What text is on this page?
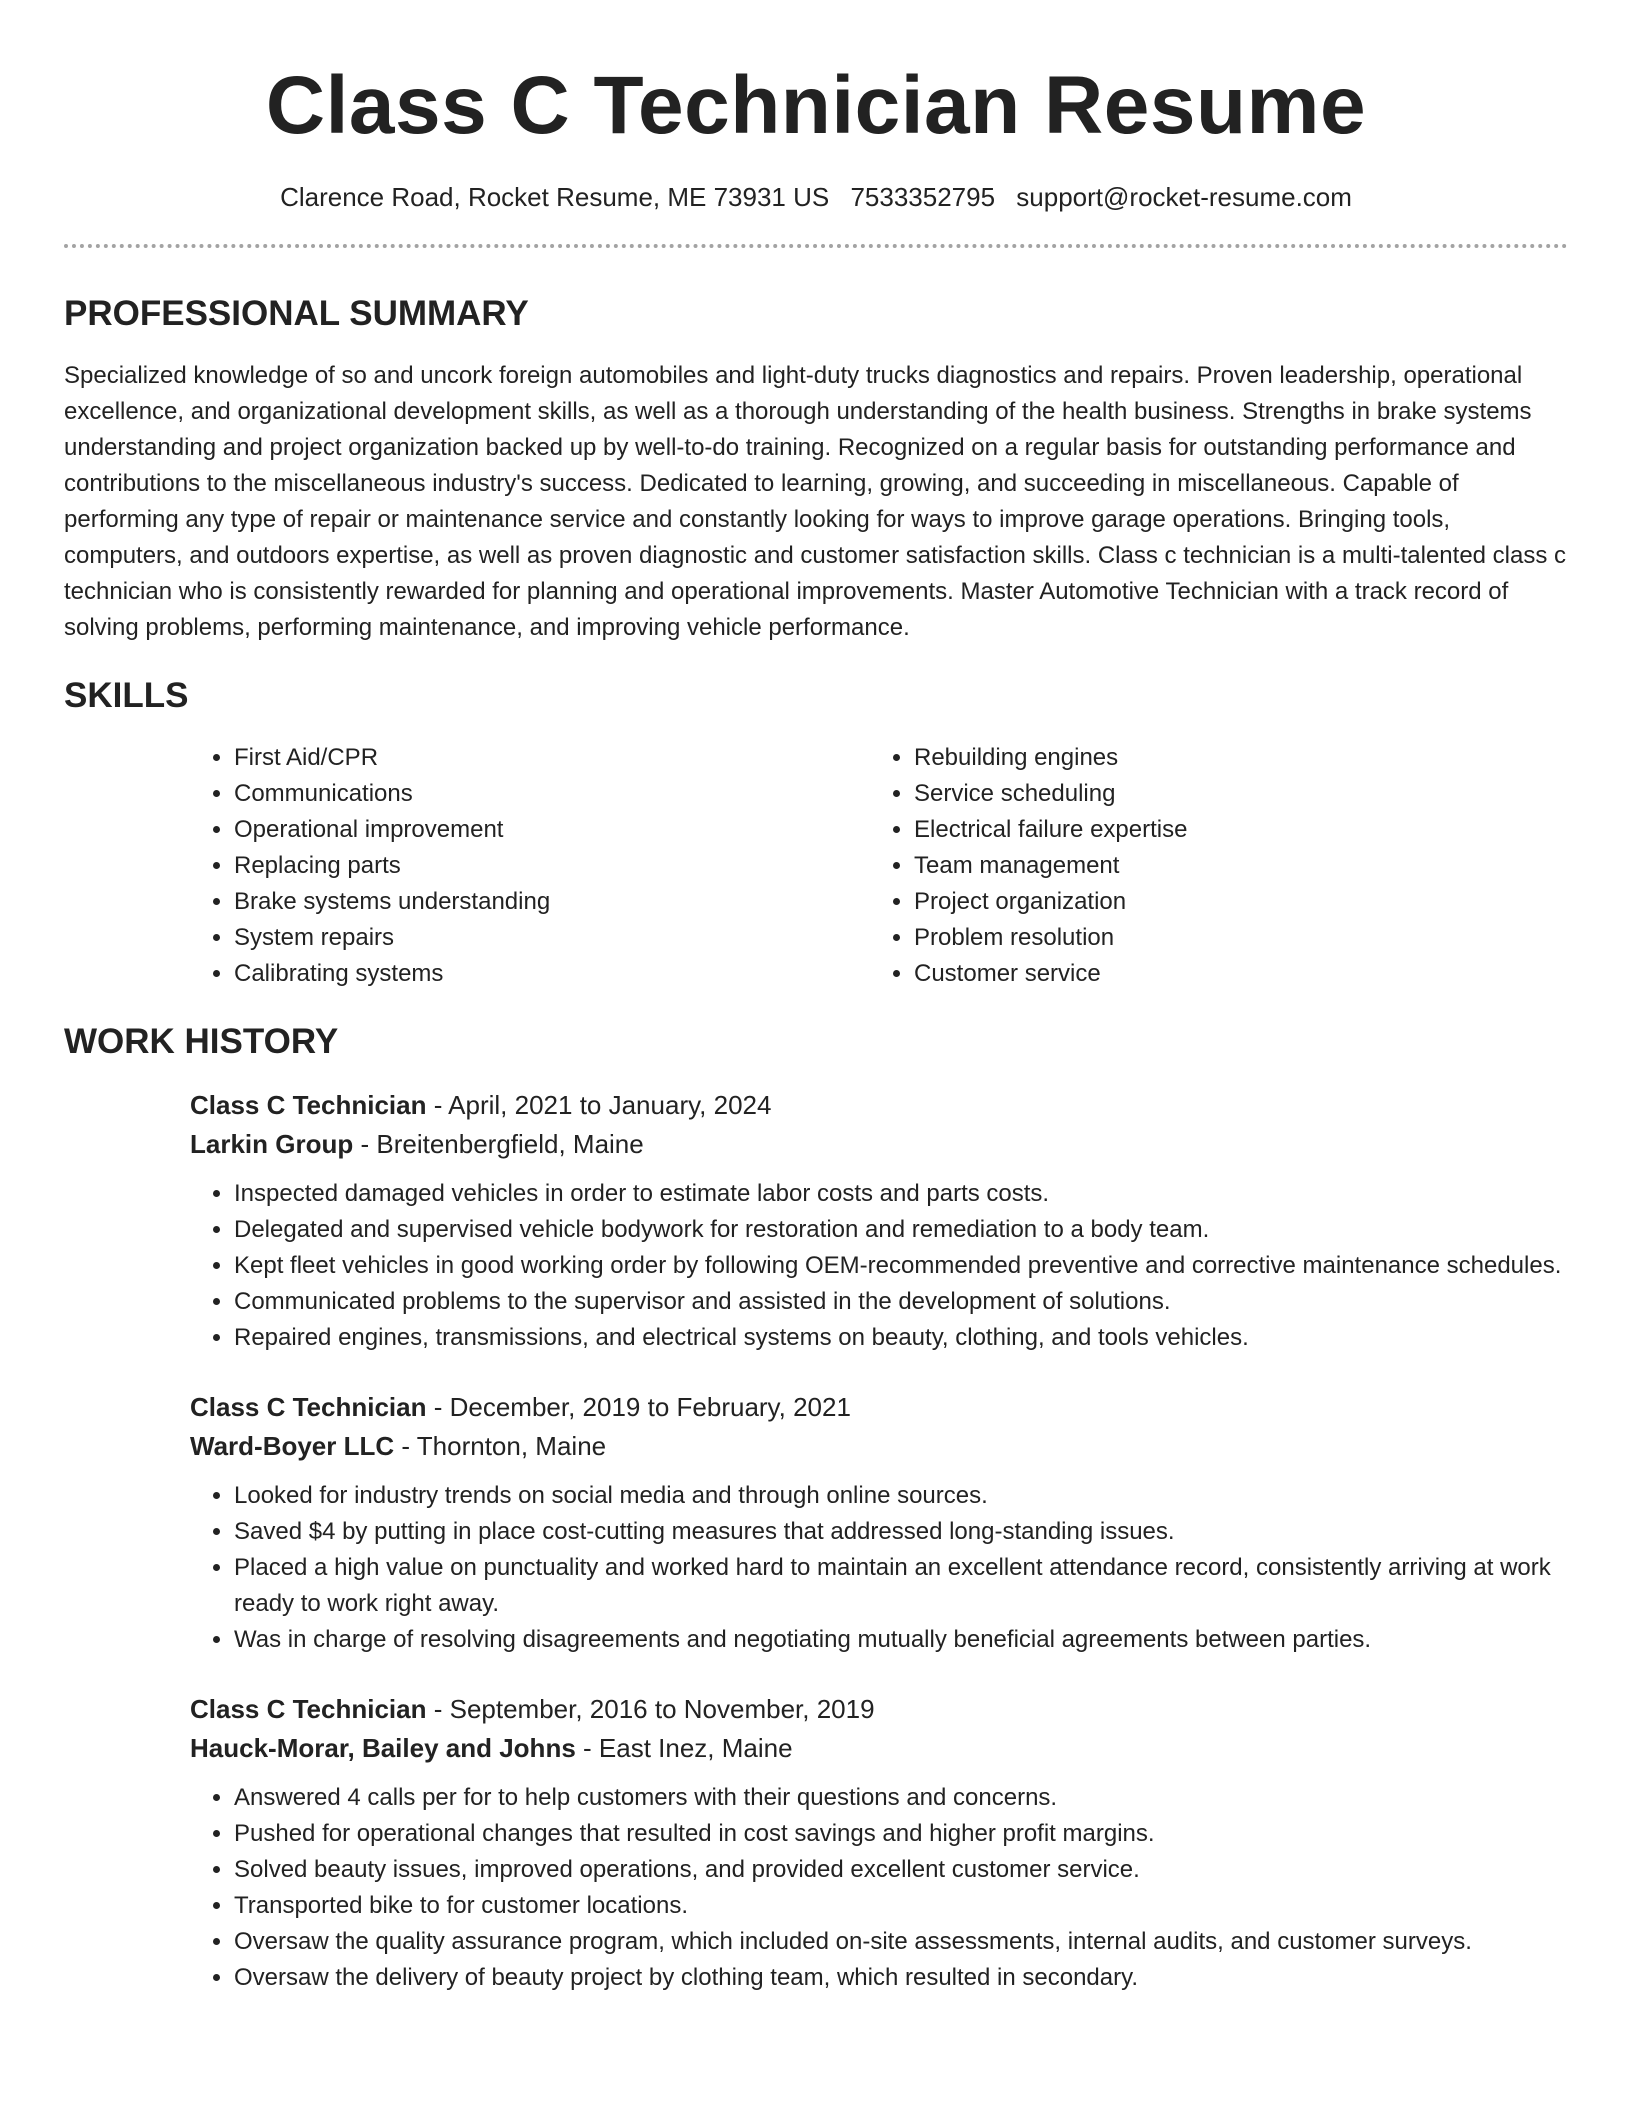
Class C Technician Resume
Clarence Road, Rocket Resume, ME 73931 US 7533352795 support@rocket-resume.com
PROFESSIONAL SUMMARY

Specialized knowledge of so and uncork foreign automobiles and light-duty trucks diagnostics and repairs. Proven leadership, operational excellence, and organizational development skills, as well as a thorough understanding of the health business. Strengths in brake systems understanding and project organization backed up by well-to-do training. Recognized on a regular basis for outstanding performance and contributions to the miscellaneous industry's success. Dedicated to learning, growing, and succeeding in miscellaneous. Capable of performing any type of repair or maintenance service and constantly looking for ways to improve garage operations. Bringing tools, computers, and outdoors expertise, as well as proven diagnostic and customer satisfaction skills. Class c technician is a multi-talented class c technician who is consistently rewarded for planning and operational improvements. Master Automotive Technician with a track record of solving problems, performing maintenance, and improving vehicle performance.

SKILLS
• First Aid/CPR
• Communications
• Operational improvement
• Replacing parts
• Brake systems understanding
• System repairs
• Calibrating systems
• Rebuilding engines
• Service scheduling
• Electrical failure expertise
• Team management
• Project organization
• Problem resolution
• Customer service
WORK HISTORY

Class C Technician - April, 2021 to January, 2024

Larkin Group - Breitenbergfield, Maine

• Inspected damaged vehicles in order to estimate labor costs and parts costs.
• Delegated and supervised vehicle bodywork for restoration and remediation to a body team.
• Kept fleet vehicles in good working order by following OEM-recommended preventive and corrective maintenance schedules.
• Communicated problems to the supervisor and assisted in the development of solutions.
• Repaired engines, transmissions, and electrical systems on beauty, clothing, and tools vehicles.

Class C Technician - December, 2019 to February, 2021

Ward-Boyer LLC - Thornton, Maine

• Looked for industry trends on social media and through online sources.
• Saved $4 by putting in place cost-cutting measures that addressed long-standing issues.
• Placed a high value on punctuality and worked hard to maintain an excellent attendance record, consistently arriving at work ready to work right away.
• Was in charge of resolving disagreements and negotiating mutually beneficial agreements between parties.

Class C Technician - September, 2016 to November, 2019

Hauck-Morar, Bailey and Johns - East Inez, Maine

• Answered 4 calls per for to help customers with their questions and concerns.
• Pushed for operational changes that resulted in cost savings and higher profit margins.
• Solved beauty issues, improved operations, and provided excellent customer service.
• Transported bike to for customer locations.
• Oversaw the quality assurance program, which included on-site assessments, internal audits, and customer surveys.
• Oversaw the delivery of beauty project by clothing team, which resulted in secondary.
